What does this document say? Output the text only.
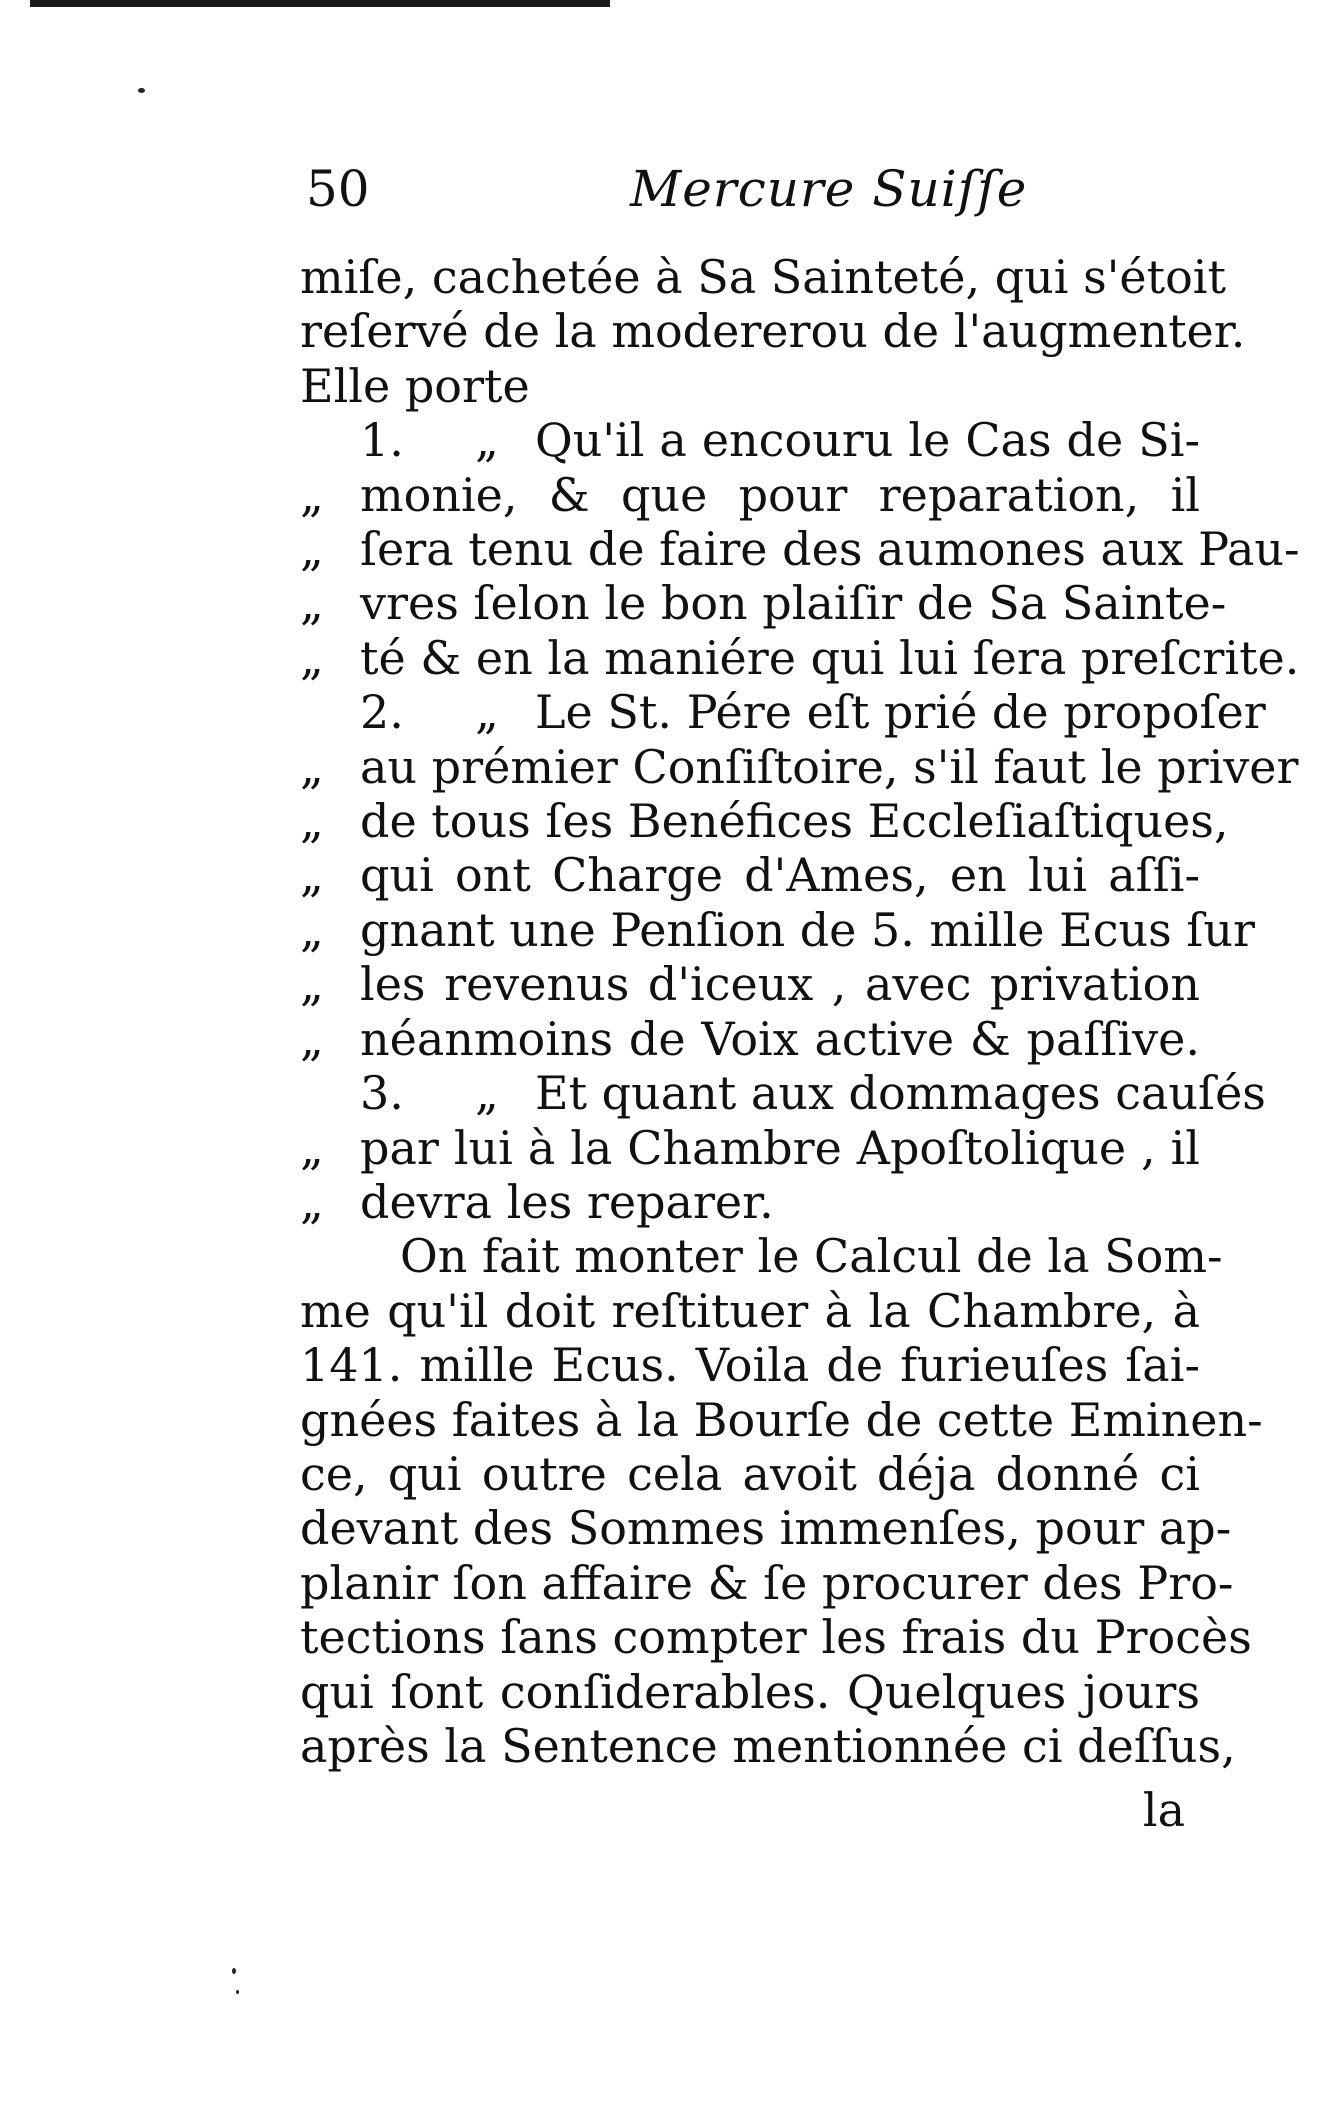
50	Mercure Suiſſe
miſe, cachetée à Sa Sainteté, qui s'étoit
reſervé de la modererou de l'augmenter.
Elle porte
1.	„ Qu'il a encouru le Cas de Si-
„ monie, & que pour reparation, il
„ ſera tenu de faire des aumones aux Pau-
„ vres ſelon le bon plaiſir de Sa Sainte-
„ té & en la maniére qui lui ſera preſcrite.
2.	„ Le St. Pére eſt prié de propoſer
„ au prémier Conſiſtoire, s'il faut le priver
„ de tous ſes Benéfices Eccleſiaſtiques,
„ qui ont Charge d'Ames, en lui aſſi-
„ gnant une Penſion de 5. mille Ecus ſur
„ les revenus d'iceux , avec privation
„ néanmoins de Voix active & paſſive.
3.	„ Et quant aux dommages cauſés
„ par lui à la Chambre Apoſtolique , il
„ devra les reparer.
On fait monter le Calcul de la Som-
me qu'il doit reſtituer à la Chambre, à
141. mille Ecus. Voila de furieuſes ſai-
gnées faites à la Bourſe de cette Eminen-
ce, qui outre cela avoit déja donné ci
devant des Sommes immenſes, pour ap-
planir ſon affaire & ſe procurer des Pro-
tections ſans compter les frais du Procès
qui ſont conſiderables. Quelques jours
après la Sentence mentionnée ci deſſus,
la
